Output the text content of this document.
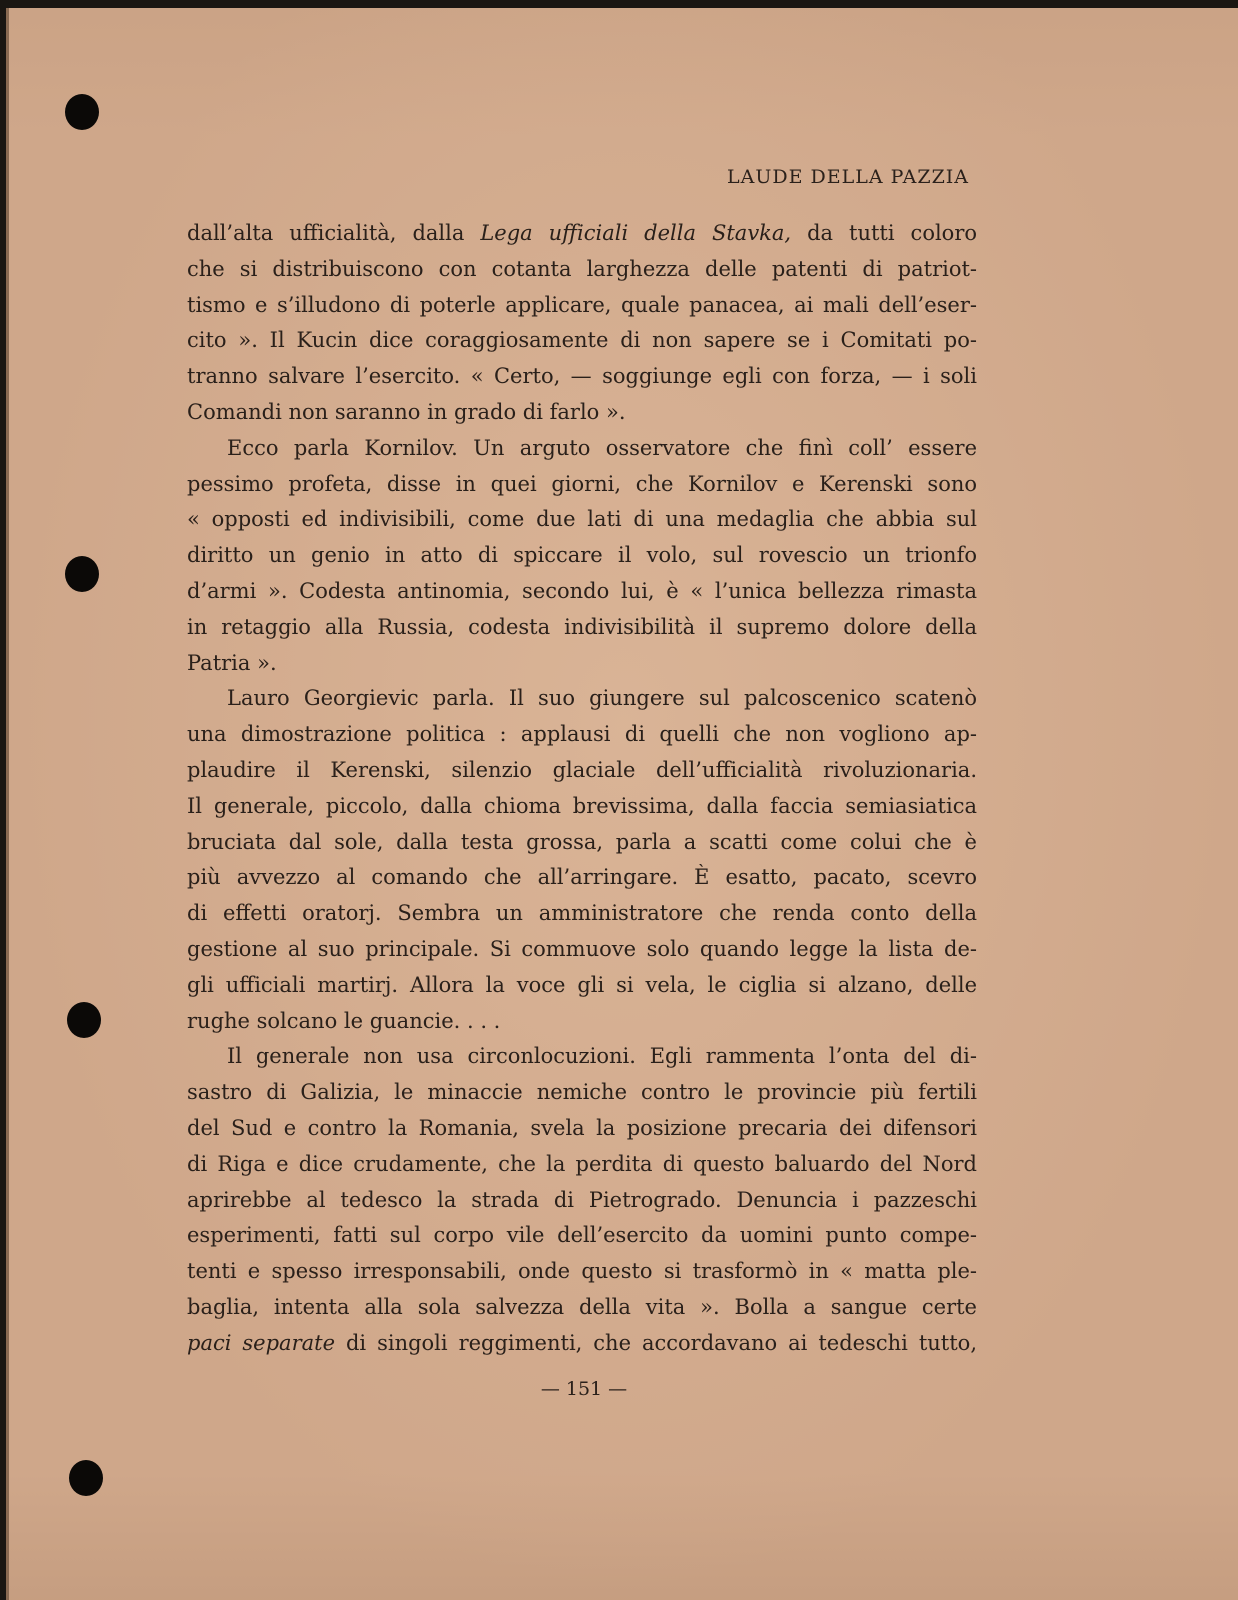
LAUDE DELLA PAZZIA
dall’alta ufficialità, dalla Lega ufficiali della Stavka, da tutti coloro
che si distribuiscono con cotanta larghezza delle patenti di patriot-
tismo e s’illudono di poterle applicare, quale panacea, ai mali dell’eser-
cito ». Il Kucin dice coraggiosamente di non sapere se i Comitati po-
tranno salvare l’esercito. « Certo, — soggiunge egli con forza, — i soli
Comandi non saranno in grado di farlo ».
Ecco parla Kornilov. Un arguto osservatore che finì coll’ essere
pessimo profeta, disse in quei giorni, che Kornilov e Kerenski sono
« opposti ed indivisibili, come due lati di una medaglia che abbia sul
diritto un genio in atto di spiccare il volo, sul rovescio un trionfo
d’armi ». Codesta antinomia, secondo lui, è « l’unica bellezza rimasta
in retaggio alla Russia, codesta indivisibilità il supremo dolore della
Patria ».
Lauro Georgievic parla. Il suo giungere sul palcoscenico scatenò
una dimostrazione politica : applausi di quelli che non vogliono ap-
plaudire il Kerenski, silenzio glaciale dell’ufficialità rivoluzionaria.
Il generale, piccolo, dalla chioma brevissima, dalla faccia semiasiatica
bruciata dal sole, dalla testa grossa, parla a scatti come colui che è
più avvezzo al comando che all’arringare. È esatto, pacato, scevro
di effetti oratorj. Sembra un amministratore che renda conto della
gestione al suo principale. Si commuove solo quando legge la lista de-
gli ufficiali martirj. Allora la voce gli si vela, le ciglia si alzano, delle
rughe solcano le guancie. . . .
Il generale non usa circonlocuzioni. Egli rammenta l’onta del di-
sastro di Galizia, le minaccie nemiche contro le provincie più fertili
del Sud e contro la Romania, svela la posizione precaria dei difensori
di Riga e dice crudamente, che la perdita di questo baluardo del Nord
aprirebbe al tedesco la strada di Pietrogrado. Denuncia i pazzeschi
esperimenti, fatti sul corpo vile dell’esercito da uomini punto compe-
tenti e spesso irresponsabili, onde questo si trasformò in « matta ple-
baglia, intenta alla sola salvezza della vita ». Bolla a sangue certe
paci separate di singoli reggimenti, che accordavano ai tedeschi tutto,
— 151 —
